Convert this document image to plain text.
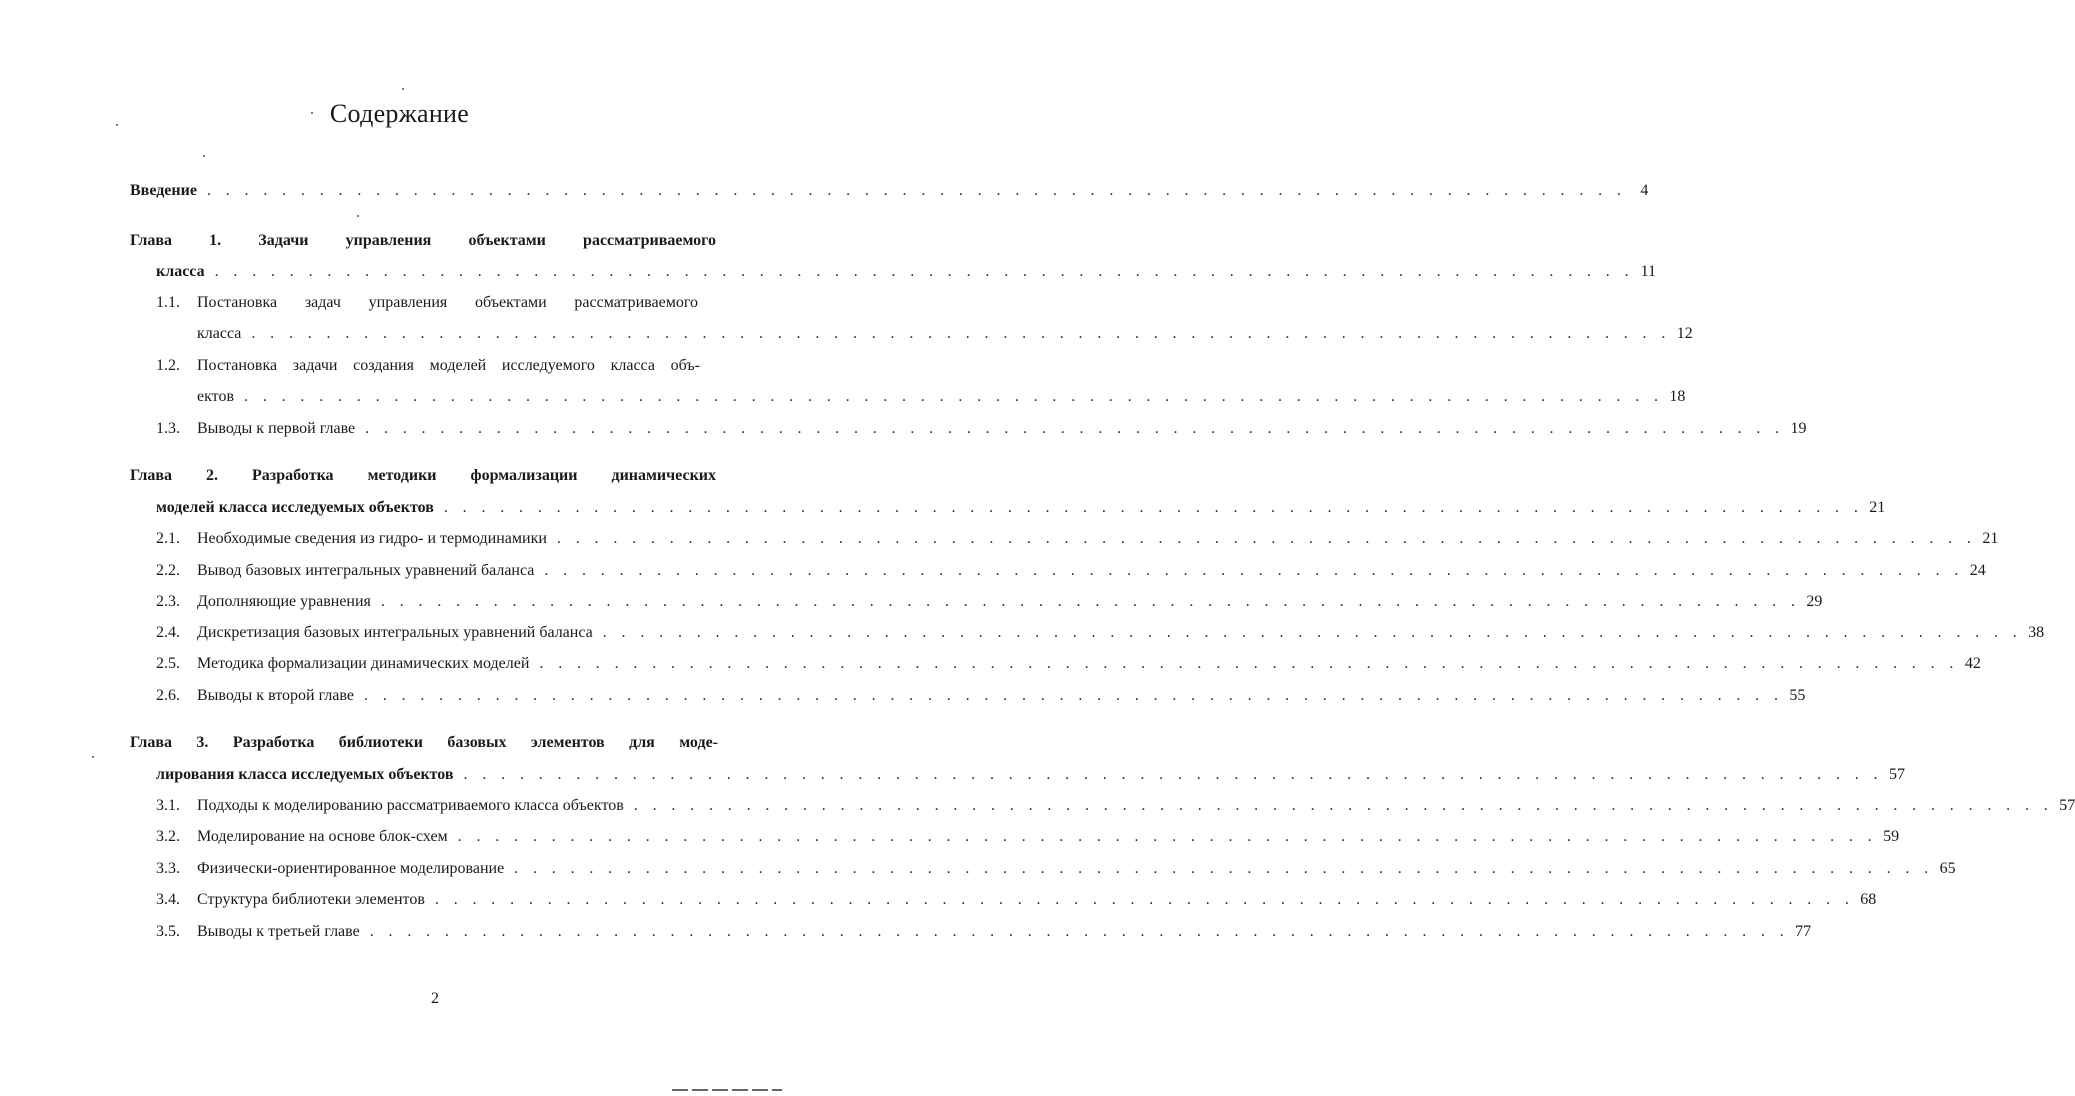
Содержание
Введение . . . . . . . . . . . . . . . . . . . . . . . . . . . . . . . . . . . . . . . . . . . . . . . . . . . . . . . . . . . . . . . . . . . . . . . . . . . . 4
Глава 1. Задачи управления объектами рассматриваемого
класса . . . . . . . . . . . . . . . . . . . . . . . . . . . . . . . . . . . . . . . . . . . . . . . . . . . . . . . . . . . . . . . . . . . . . . . . . . . . 11
1.1.	Постановка задач управления объектами рассматриваемого
класса . . . . . . . . . . . . . . . . . . . . . . . . . . . . . . . . . . . . . . . . . . . . . . . . . . . . . . . . . . . . . . . . . . . . . . . . . . . . 12
1.2.	Постановка задачи создания моделей исследуемого класса объ-
ектов . . . . . . . . . . . . . . . . . . . . . . . . . . . . . . . . . . . . . . . . . . . . . . . . . . . . . . . . . . . . . . . . . . . . . . . . . . . . 18
1.3.	Выводы к первой главе . . . . . . . . . . . . . . . . . . . . . . . . . . . . . . . . . . . . . . . . . . . . . . . . . . . . . . . . . . . . . . . . . . . . . . . . . . . . 19
Глава 2. Разработка методики формализации динамических
моделей класса исследуемых объектов . . . . . . . . . . . . . . . . . . . . . . . . . . . . . . . . . . . . . . . . . . . . . . . . . . . . . . . . . . . . . . . . . . . . . . . . . . . . 21
2.1.	Необходимые сведения из гидро- и термодинамики . . . . . . . . . . . . . . . . . . . . . . . . . . . . . . . . . . . . . . . . . . . . . . . . . . . . . . . . . . . . . . . . . . . . . . . . . . . . 21
2.2.	Вывод базовых интегральных уравнений баланса . . . . . . . . . . . . . . . . . . . . . . . . . . . . . . . . . . . . . . . . . . . . . . . . . . . . . . . . . . . . . . . . . . . . . . . . . . . . 24
2.3.	Дополняющие уравнения . . . . . . . . . . . . . . . . . . . . . . . . . . . . . . . . . . . . . . . . . . . . . . . . . . . . . . . . . . . . . . . . . . . . . . . . . . . . 29
2.4.	Дискретизация базовых интегральных уравнений баланса . . . . . . . . . . . . . . . . . . . . . . . . . . . . . . . . . . . . . . . . . . . . . . . . . . . . . . . . . . . . . . . . . . . . . . . . . . . . 38
2.5.	Методика формализации динамических моделей . . . . . . . . . . . . . . . . . . . . . . . . . . . . . . . . . . . . . . . . . . . . . . . . . . . . . . . . . . . . . . . . . . . . . . . . . . . . 42
2.6.	Выводы к второй главе . . . . . . . . . . . . . . . . . . . . . . . . . . . . . . . . . . . . . . . . . . . . . . . . . . . . . . . . . . . . . . . . . . . . . . . . . . . . 55
Глава 3. Разработка библиотеки базовых элементов для моде-
лирования класса исследуемых объектов . . . . . . . . . . . . . . . . . . . . . . . . . . . . . . . . . . . . . . . . . . . . . . . . . . . . . . . . . . . . . . . . . . . . . . . . . . . . 57
3.1.	Подходы к моделированию рассматриваемого класса объектов . . . . . . . . . . . . . . . . . . . . . . . . . . . . . . . . . . . . . . . . . . . . . . . . . . . . . . . . . . . . . . . . . . . . . . . . . . . . 57
3.2.	Моделирование на основе блок-схем . . . . . . . . . . . . . . . . . . . . . . . . . . . . . . . . . . . . . . . . . . . . . . . . . . . . . . . . . . . . . . . . . . . . . . . . . . . . 59
3.3.	Физически-ориентированное моделирование . . . . . . . . . . . . . . . . . . . . . . . . . . . . . . . . . . . . . . . . . . . . . . . . . . . . . . . . . . . . . . . . . . . . . . . . . . . . 65
3.4.	Структура библиотеки элементов . . . . . . . . . . . . . . . . . . . . . . . . . . . . . . . . . . . . . . . . . . . . . . . . . . . . . . . . . . . . . . . . . . . . . . . . . . . . 68
3.5.	Выводы к третьей главе . . . . . . . . . . . . . . . . . . . . . . . . . . . . . . . . . . . . . . . . . . . . . . . . . . . . . . . . . . . . . . . . . . . . . . . . . . . . 77
2
